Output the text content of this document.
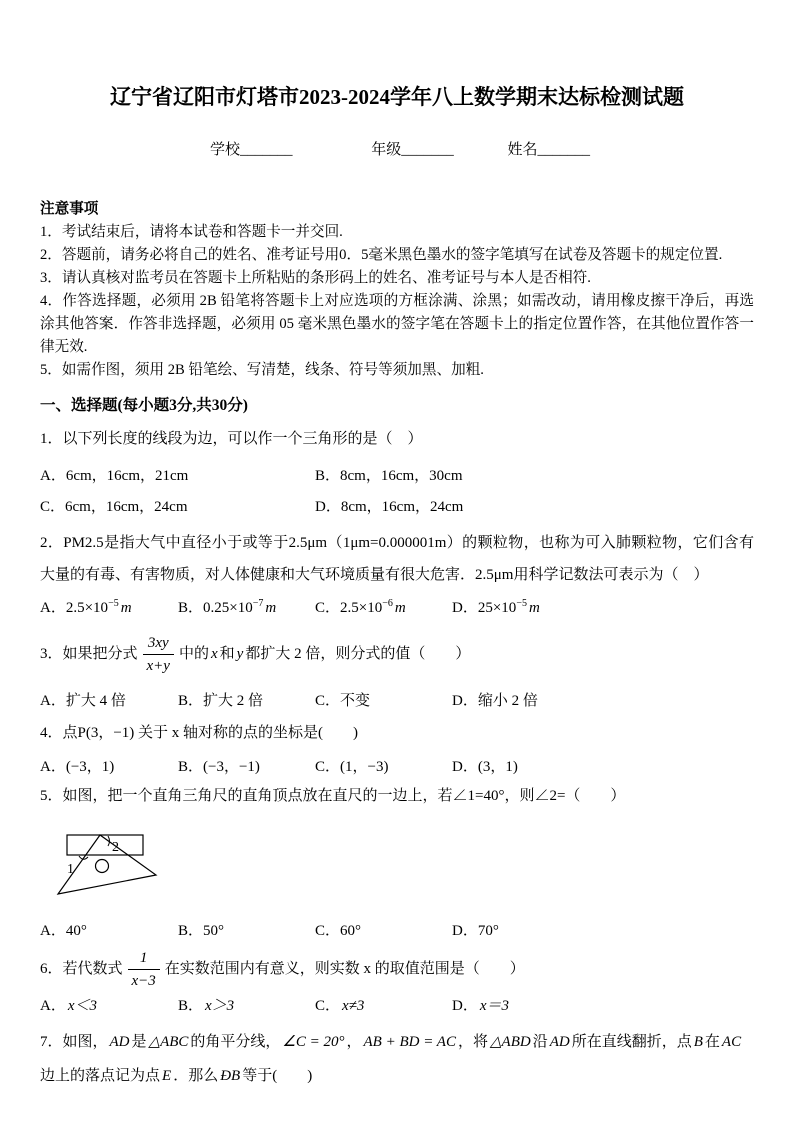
辽宁省辽阳市灯塔市2023-2024学年八上数学期末达标检测试题
学校_______	年级_______	姓名_______
注意事项
1．考试结束后，请将本试卷和答题卡一并交回.
2．答题前，请务必将自己的姓名、准考证号用0．5毫米黑色墨水的签字笔填写在试卷及答题卡的规定位置.
3．请认真核对监考员在答题卡上所粘贴的条形码上的姓名、准考证号与本人是否相符.
4．作答选择题，必须用 2B 铅笔将答题卡上对应选项的方框涂满、涂黑；如需改动，请用橡皮擦干净后，再选涂其他答案．作答非选择题，必须用 05 毫米黑色墨水的签字笔在答题卡上的指定位置作答，在其他位置作答一律无效.
5．如需作图，须用 2B 铅笔绘、写清楚，线条、符号等须加黑、加粗.
一、选择题(每小题3分,共30分)
1．以下列长度的线段为边，可以作一个三角形的是（　）
A．6cm，16cm，21cm	B．8cm，16cm，30cm
C．6cm，16cm，24cm	D．8cm，16cm，24cm
2．PM2.5是指大气中直径小于或等于2.5μm（1μm=0.000001m）的颗粒物，也称为可入肺颗粒物，它们含有大量的有毒、有害物质，对人体健康和大气环境质量有很大危害．2.5μm用科学记数法可表示为（　）
A．$2.5\times 10^{-5}$ m	B．$0.25\times 10^{-7}$ m	C．$2.5\times 10^{-6}$ m	D．$25\times 10^{-5}$ m
3．如果把分式 $\frac{3xy}{x+y}$ 中的 x 和 y 都扩大 2 倍，则分式的值（　　）
A．扩大 4 倍	B．扩大 2 倍	C．不变	D．缩小 2 倍
4．点P(3，−1) 关于 x 轴对称的点的坐标是(　　)
A．(−3，1)	B．(−3，−1)	C．(1，−3)	D．(3，1)
5．如图，把一个直角三角尺的直角顶点放在直尺的一边上，若∠1=40°，则∠2=（　　）
1
2
A．40°	B．50°	C．60°	D．70°
6．若代数式 $\frac{1}{x-3}$ 在实数范围内有意义，则实数 x 的取值范围是（　　）
A． x＜3	B． x＞3	C． x≠3	D． x＝3
7．如图， AD 是 △ABC 的角平分线， ∠C = 20° ， AB + BD = AC ，将 △ABD 沿 AD 所在直线翻折，点 B 在 AC
边上的落点记为点 E ．那么 ÐB 等于(　　)
